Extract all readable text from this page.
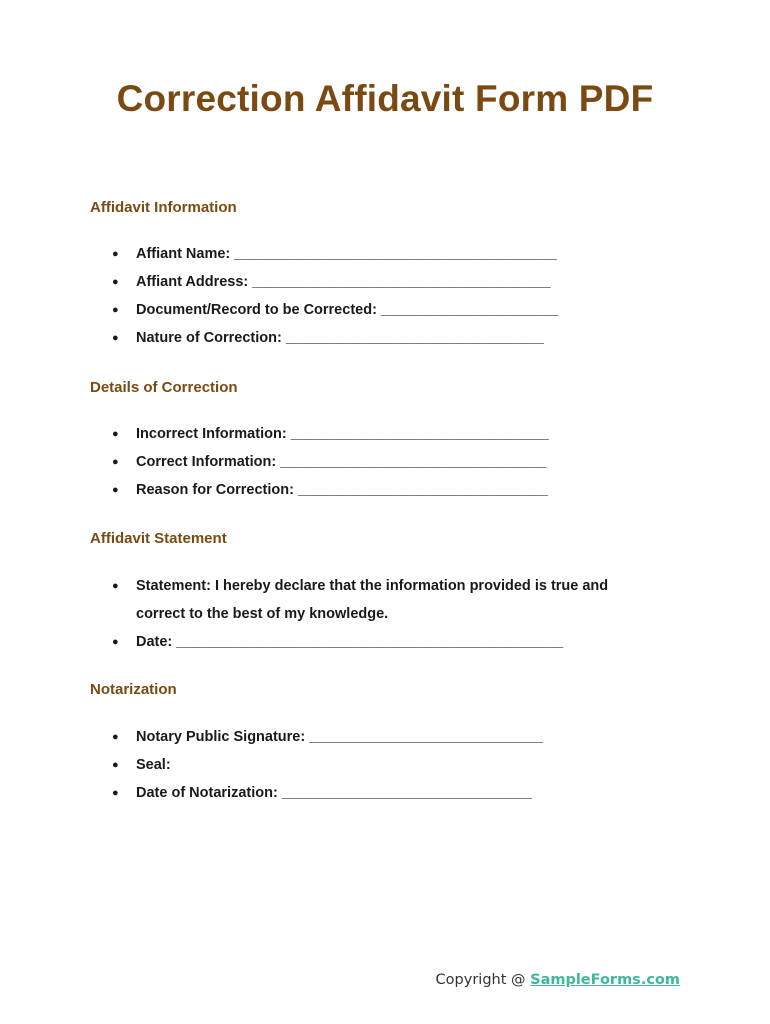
Correction Affidavit Form PDF
Affidavit Information
● Affiant Name: ________________________________________
● Affiant Address: _____________________________________
● Document/Record to be Corrected: ______________________
● Nature of Correction: ________________________________
Details of Correction
● Incorrect Information: ________________________________
● Correct Information: _________________________________
● Reason for Correction: _______________________________
Affidavit Statement
● Statement: I hereby declare that the information provided is true and correct to the best of my knowledge.
● Date: ________________________________________________
Notarization
● Notary Public Signature: _____________________________
● Seal:
● Date of Notarization: _______________________________
Copyright @ SampleForms.com
